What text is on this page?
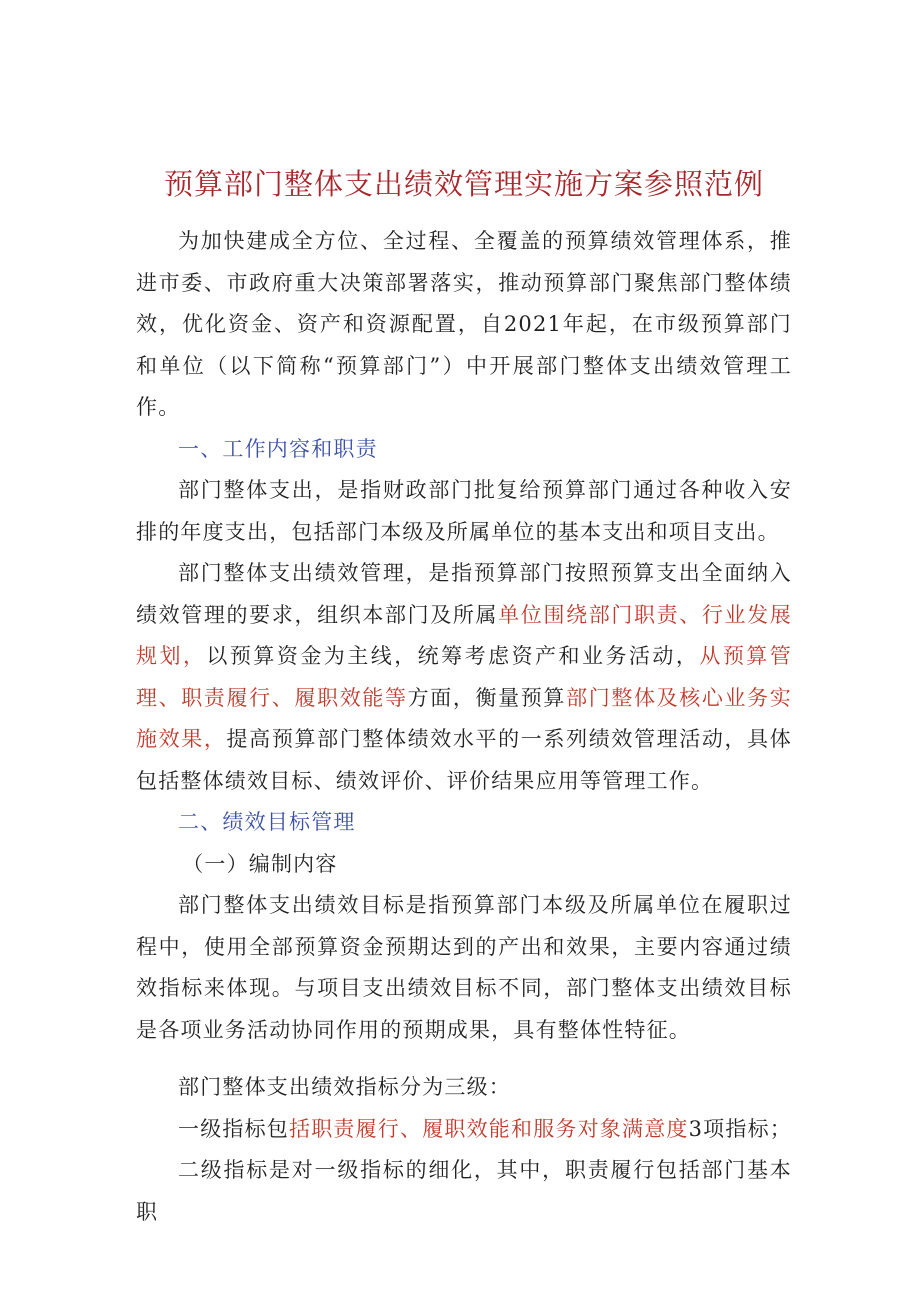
预算部门整体支出绩效管理实施方案参照范例

为加快建成全方位、全过程、全覆盖的预算绩效管理体系，推进市委、市政府重大决策部署落实，推动预算部门聚焦部门整体绩效，优化资金、资产和资源配置，自2021年起，在市级预算部门和单位（以下简称“预算部门”）中开展部门整体支出绩效管理工作。

一、工作内容和职责

部门整体支出，是指财政部门批复给预算部门通过各种收入安排的年度支出，包括部门本级及所属单位的基本支出和项目支出。

部门整体支出绩效管理，是指预算部门按照预算支出全面纳入绩效管理的要求，组织本部门及所属单位围绕部门职责、行业发展规划，以预算资金为主线，统筹考虑资产和业务活动，从预算管理、职责履行、履职效能等方面，衡量预算部门整体及核心业务实施效果，提高预算部门整体绩效水平的一系列绩效管理活动，具体包括整体绩效目标、绩效评价、评价结果应用等管理工作。

二、绩效目标管理

（一）编制内容

部门整体支出绩效目标是指预算部门本级及所属单位在履职过程中，使用全部预算资金预期达到的产出和效果，主要内容通过绩效指标来体现。与项目支出绩效目标不同，部门整体支出绩效目标是各项业务活动协同作用的预期成果，具有整体性特征。

部门整体支出绩效指标分为三级：

一级指标包括职责履行、履职效能和服务对象满意度3项指标；

二级指标是对一级指标的细化，其中，职责履行包括部门基本职
